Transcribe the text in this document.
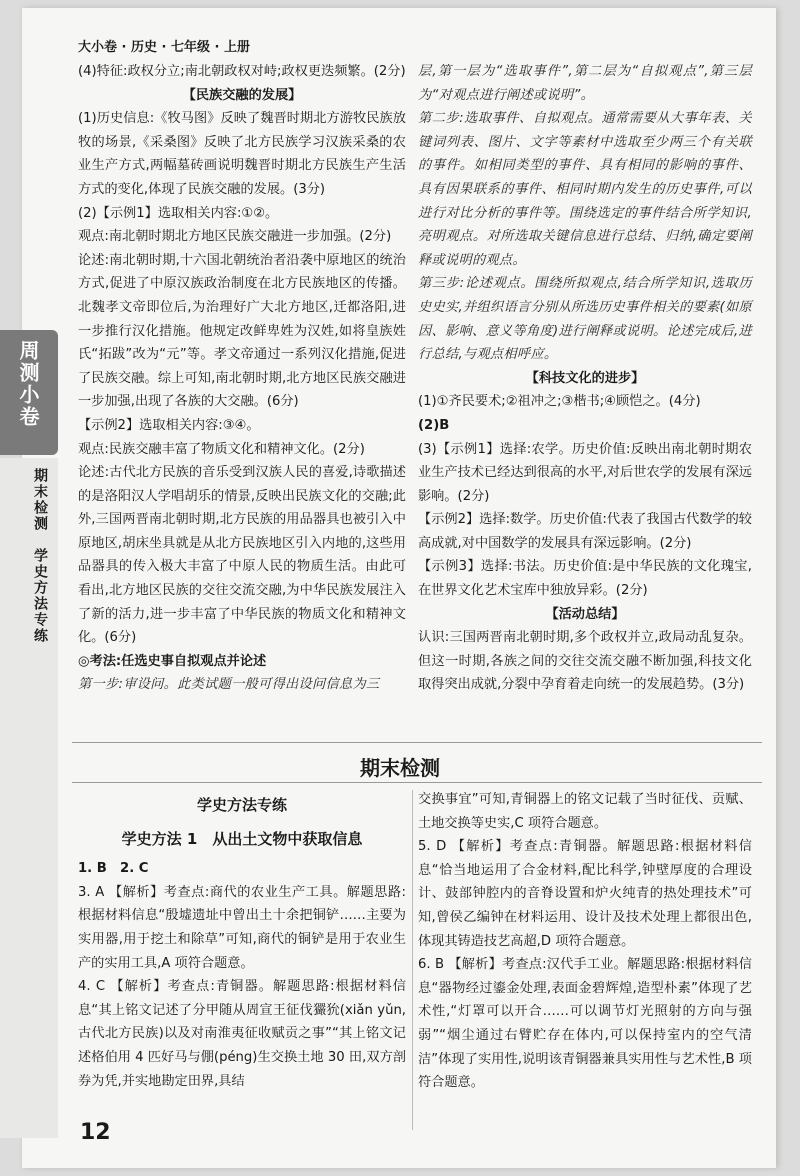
周测小卷
期末检测
学史方法专练
大小卷 · 历史 · 七年级 · 上册

(4)特征:政权分立;南北朝政权对峙;政权更迭频繁。(2分)

【民族交融的发展】

(1)历史信息:《牧马图》反映了魏晋时期北方游牧民族放牧的场景,《采桑图》反映了北方民族学习汉族采桑的农业生产方式,两幅墓砖画说明魏晋时期北方民族生产生活方式的变化,体现了民族交融的发展。(3分)

(2)【示例1】选取相关内容:①②。

观点:南北朝时期北方地区民族交融进一步加强。(2分)

论述:南北朝时期,十六国北朝统治者沿袭中原地区的统治方式,促进了中原汉族政治制度在北方民族地区的传播。北魏孝文帝即位后,为治理好广大北方地区,迁都洛阳,进一步推行汉化措施。他规定改鲜卑姓为汉姓,如将皇族姓氏“拓跋”改为“元”等。孝文帝通过一系列汉化措施,促进了民族交融。综上可知,南北朝时期,北方地区民族交融进一步加强,出现了各族的大交融。(6分)

【示例2】选取相关内容:③④。

观点:民族交融丰富了物质文化和精神文化。(2分)

论述:古代北方民族的音乐受到汉族人民的喜爱,诗歌描述的是洛阳汉人学唱胡乐的情景,反映出民族文化的交融;此外,三国两晋南北朝时期,北方民族的用品器具也被引入中原地区,胡床坐具就是从北方民族地区引入内地的,这些用品器具的传入极大丰富了中原人民的物质生活。由此可看出,北方地区民族的交往交流交融,为中华民族发展注入了新的活力,进一步丰富了中华民族的物质文化和精神文化。(6分)

◎考法:任选史事自拟观点并论述

第一步:审设问。此类试题一般可得出设问信息为三

层,第一层为“选取事件”,第二层为“自拟观点”,第三层为“对观点进行阐述或说明”。

第二步:选取事件、自拟观点。通常需要从大事年表、关键词列表、图片、文字等素材中选取至少两三个有关联的事件。如相同类型的事件、具有相同的影响的事件、具有因果联系的事件、相同时期内发生的历史事件,可以进行对比分析的事件等。围绕选定的事件结合所学知识,亮明观点。对所选取关键信息进行总结、归纳,确定要阐释或说明的观点。

第三步:论述观点。围绕所拟观点,结合所学知识,选取历史史实,并组织语言分别从所选历史事件相关的要素(如原因、影响、意义等角度)进行阐释或说明。论述完成后,进行总结,与观点相呼应。

【科技文化的进步】

(1)①齐民要术;②祖冲之;③楷书;④顾恺之。(4分)

(2)B

(3)【示例1】选择:农学。历史价值:反映出南北朝时期农业生产技术已经达到很高的水平,对后世农学的发展有深远影响。(2分)

【示例2】选择:数学。历史价值:代表了我国古代数学的较高成就,对中国数学的发展具有深远影响。(2分)

【示例3】选择:书法。历史价值:是中华民族的文化瑰宝,在世界文化艺术宝库中独放异彩。(2分)

【活动总结】

认识:三国两晋南北朝时期,多个政权并立,政局动乱复杂。但这一时期,各族之间的交往交流交融不断加强,科技文化取得突出成就,分裂中孕育着走向统一的发展趋势。(3分)

期末检测
学史方法专练
学史方法 1　从出土文物中获取信息

1. B　2. C

3. A 【解析】考查点:商代的农业生产工具。解题思路:根据材料信息“殷墟遗址中曾出土十余把铜铲……主要为实用器,用于挖土和除草”可知,商代的铜铲是用于农业生产的实用工具,A 项符合题意。

4. C 【解析】考查点:青铜器。解题思路:根据材料信息“其上铭文记述了分甲随从周宣王征伐玁狁(xiǎn yǔn,古代北方民族)以及对南淮夷征收赋贡之事”“其上铭文记述格伯用 4 匹好马与倗(péng)生交换土地 30 田,双方剖券为凭,并实地勘定田界,具结

交换事宜”可知,青铜器上的铭文记载了当时征伐、贡赋、土地交换等史实,C 项符合题意。

5. D 【解析】考查点:青铜器。解题思路:根据材料信息“恰当地运用了合金材料,配比科学,钟壁厚度的合理设计、鼓部钟腔内的音脊设置和炉火纯青的热处理技术”可知,曾侯乙编钟在材料运用、设计及技术处理上都很出色,体现其铸造技艺高超,D 项符合题意。

6. B 【解析】考查点:汉代手工业。解题思路:根据材料信息“器物经过鎏金处理,表面金碧辉煌,造型朴素”体现了艺术性,“灯罩可以开合……可以调节灯光照射的方向与强弱”“烟尘通过右臂贮存在体内,可以保持室内的空气清洁”体现了实用性,说明该青铜器兼具实用性与艺术性,B 项符合题意。

12
